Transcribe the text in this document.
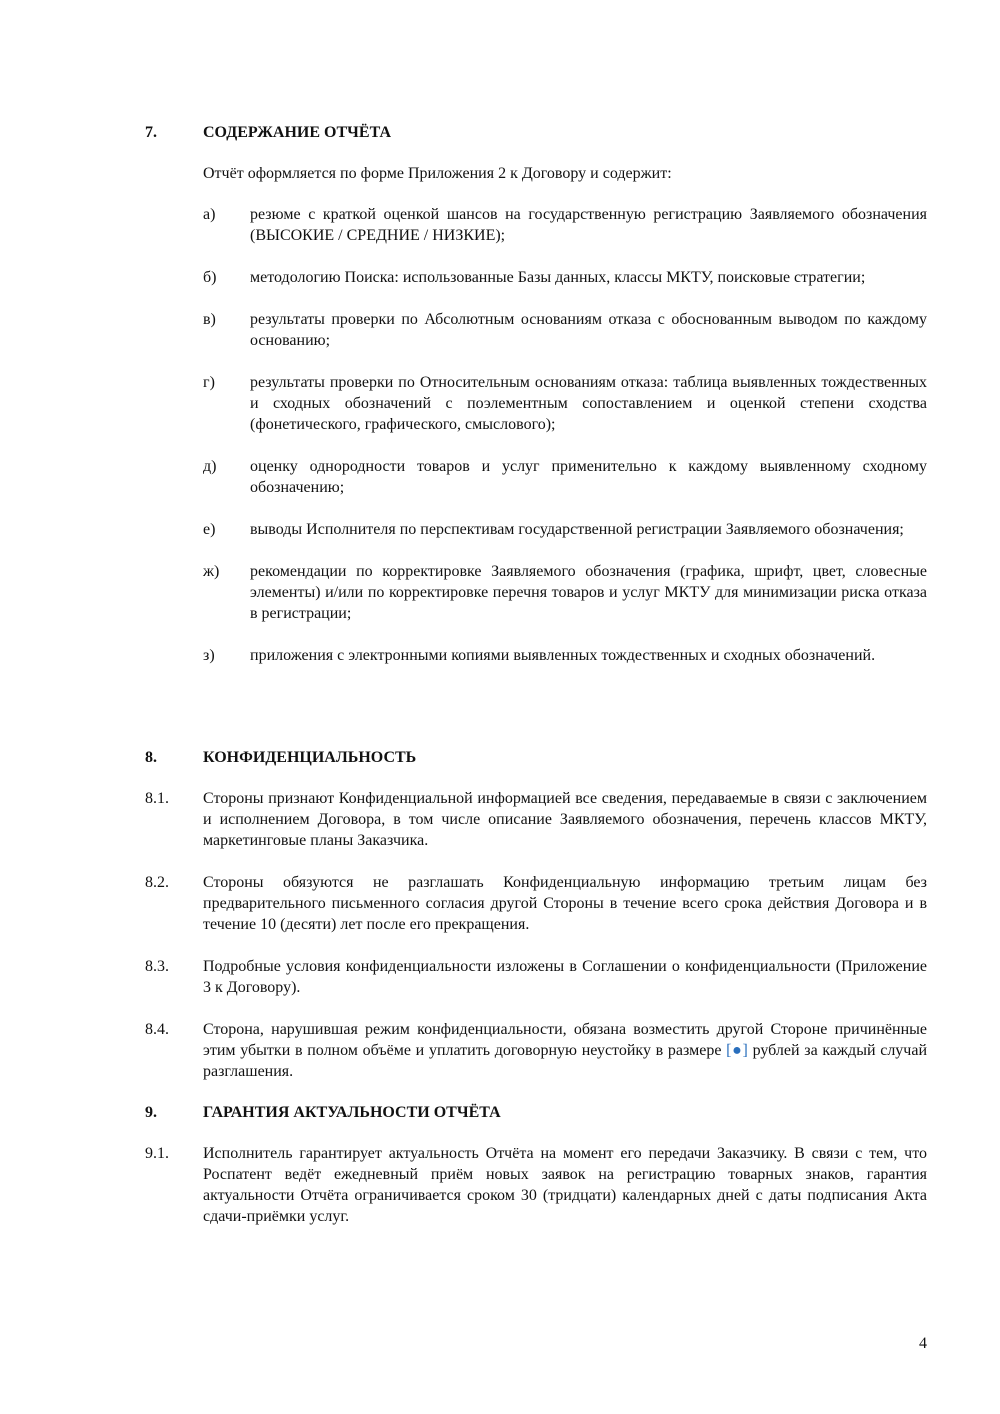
7.	СОДЕРЖАНИЕ ОТЧЁТА
Отчёт оформляется по форме Приложения 2 к Договору и содержит:
а)	резюме с краткой оценкой шансов на государственную регистрацию Заявляемого обозначения (ВЫСОКИЕ / СРЕДНИЕ / НИЗКИЕ);
б)	методологию Поиска: использованные Базы данных, классы МКТУ, поисковые стратегии;
в)	результаты проверки по Абсолютным основаниям отказа с обоснованным выводом по каждому основанию;
г)	результаты проверки по Относительным основаниям отказа: таблица выявленных тождественных и сходных обозначений с поэлементным сопоставлением и оценкой степени сходства (фонетического, графического, смыслового);
д)	оценку однородности товаров и услуг применительно к каждому выявленному сходному обозначению;
е)	выводы Исполнителя по перспективам государственной регистрации Заявляемого обозначения;
ж)	рекомендации по корректировке Заявляемого обозначения (графика, шрифт, цвет, словесные элементы) и/или по корректировке перечня товаров и услуг МКТУ для минимизации риска отказа в регистрации;
з)	приложения с электронными копиями выявленных тождественных и сходных обозначений.
8.	КОНФИДЕНЦИАЛЬНОСТЬ
8.1.	Стороны признают Конфиденциальной информацией все сведения, передаваемые в связи с заключением и исполнением Договора, в том числе описание Заявляемого обозначения, перечень классов МКТУ, маркетинговые планы Заказчика.
8.2.	Стороны обязуются не разглашать Конфиденциальную информацию третьим лицам без предварительного письменного согласия другой Стороны в течение всего срока действия Договора и в течение 10 (десяти) лет после его прекращения.
8.3.	Подробные условия конфиденциальности изложены в Соглашении о конфиденциальности (Приложение 3 к Договору).
8.4.	Сторона, нарушившая режим конфиденциальности, обязана возместить другой Стороне причинённые этим убытки в полном объёме и уплатить договорную неустойку в размере [●] рублей за каждый случай разглашения.
9.	ГАРАНТИЯ АКТУАЛЬНОСТИ ОТЧЁТА
9.1.	Исполнитель гарантирует актуальность Отчёта на момент его передачи Заказчику. В связи с тем, что Роспатент ведёт ежедневный приём новых заявок на регистрацию товарных знаков, гарантия актуальности Отчёта ограничивается сроком 30 (тридцати) календарных дней с даты подписания Акта сдачи-приёмки услуг.
4
